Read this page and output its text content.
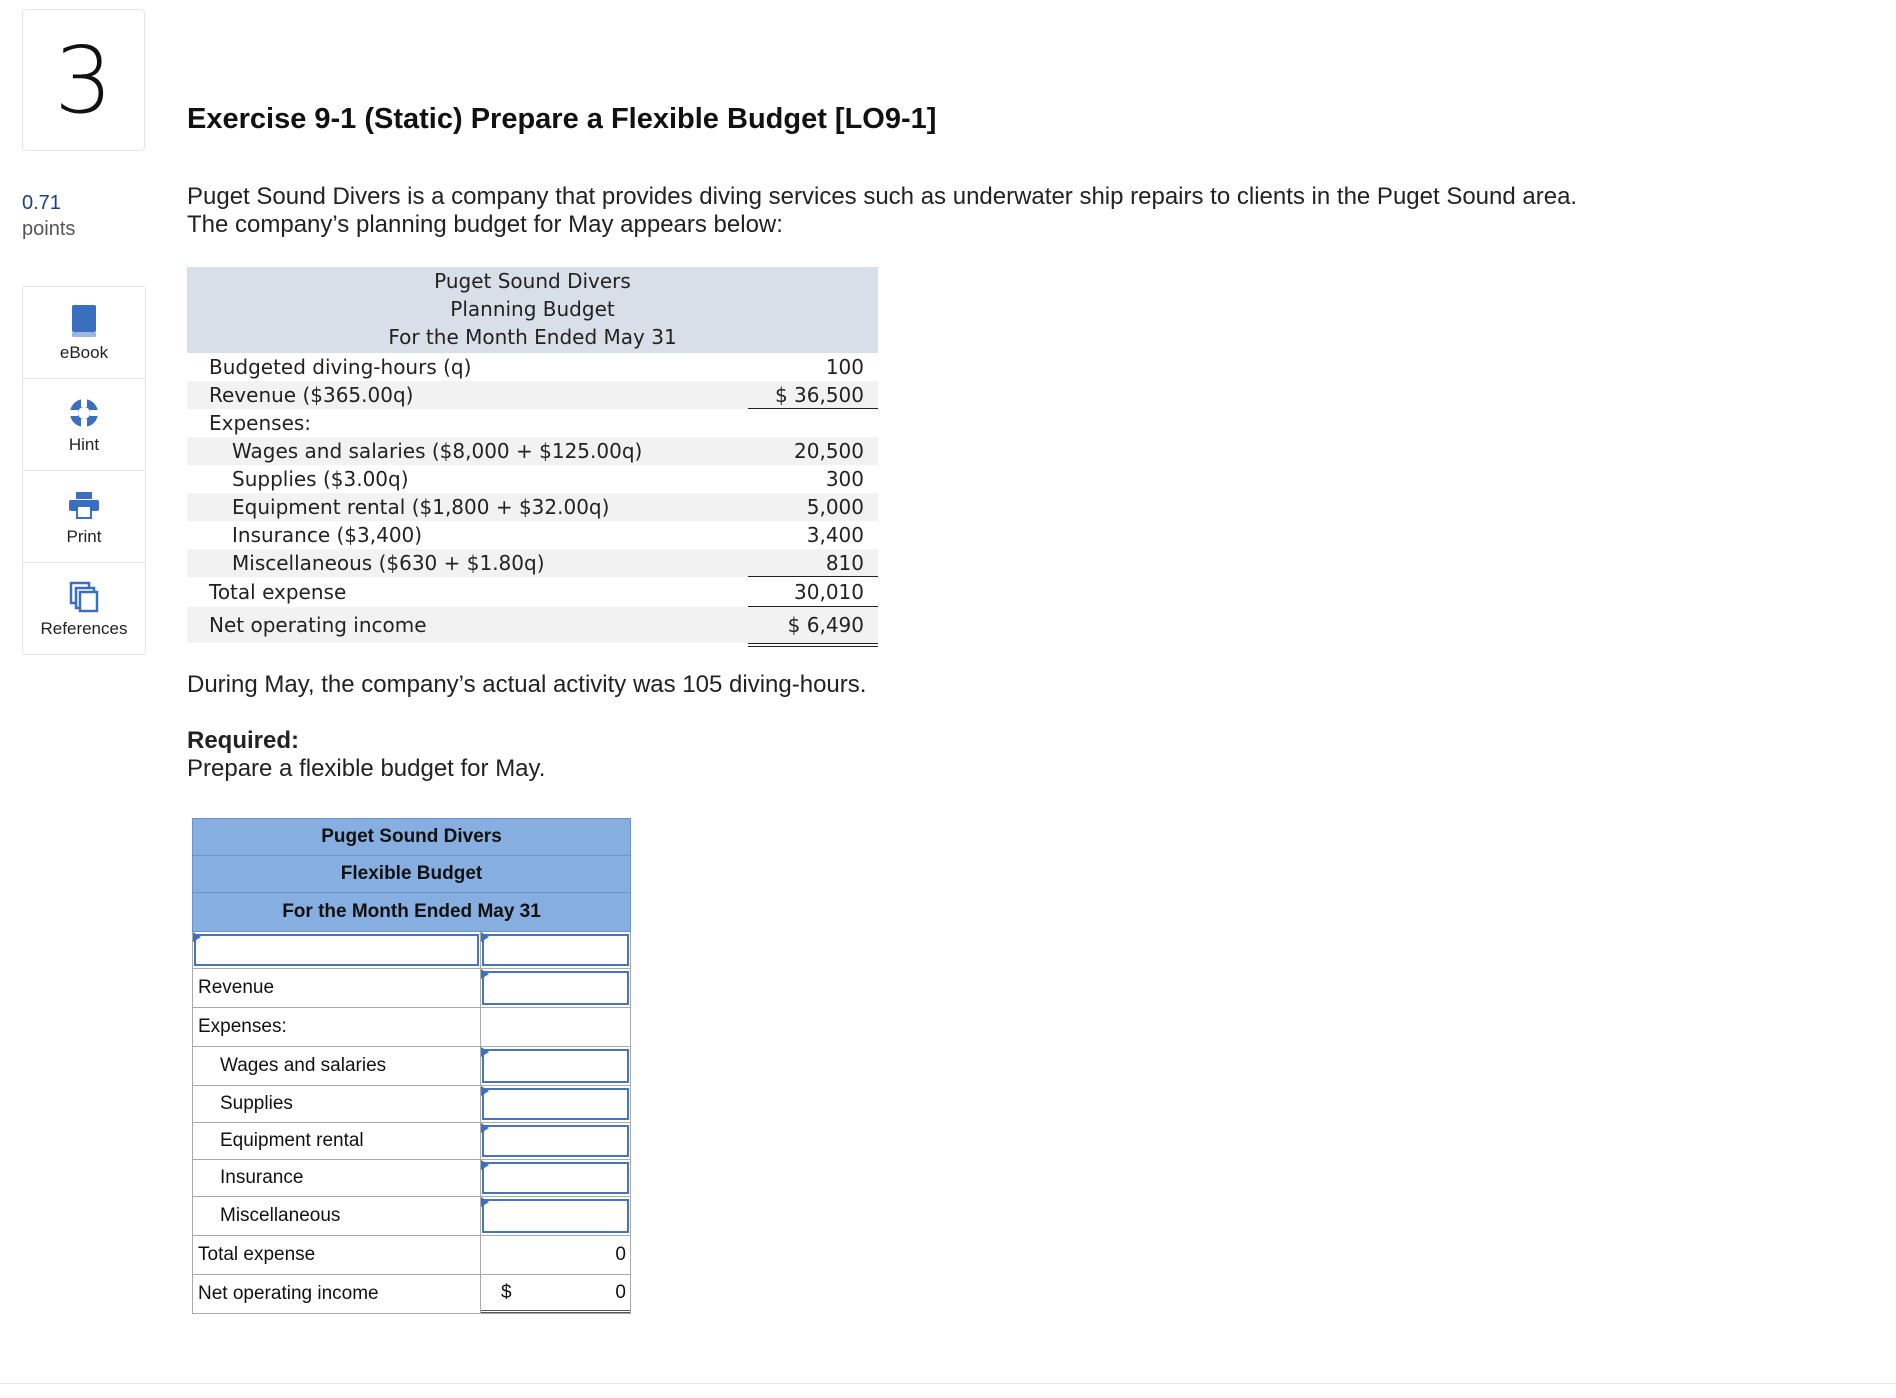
3
0.71
points
eBook
Hint
Print
References
Exercise 9-1 (Static) Prepare a Flexible Budget [LO9-1]
Puget Sound Divers is a company that provides diving services such as underwater ship repairs to clients in the Puget Sound area.
The company’s planning budget for May appears below:
Puget Sound Divers
Planning Budget
For the Month Ended May 31
Budgeted diving-hours (q)	100
Revenue ($365.00q)	$ 36,500
Expenses:
Wages and salaries ($8,000 + $125.00q)	20,500
Supplies ($3.00q)	300
Equipment rental ($1,800 + $32.00q)	5,000
Insurance ($3,400)	3,400
Miscellaneous ($630 + $1.80q)	810
Total expense	30,010
Net operating income	$ 6,490
During May, the company’s actual activity was 105 diving-hours.
Required:
Prepare a flexible budget for May.
Puget Sound Divers
Flexible Budget
For the Month Ended May 31
Revenue
Expenses:
Wages and salaries
Supplies
Equipment rental
Insurance
Miscellaneous
Total expense	0
Net operating income	$	0
